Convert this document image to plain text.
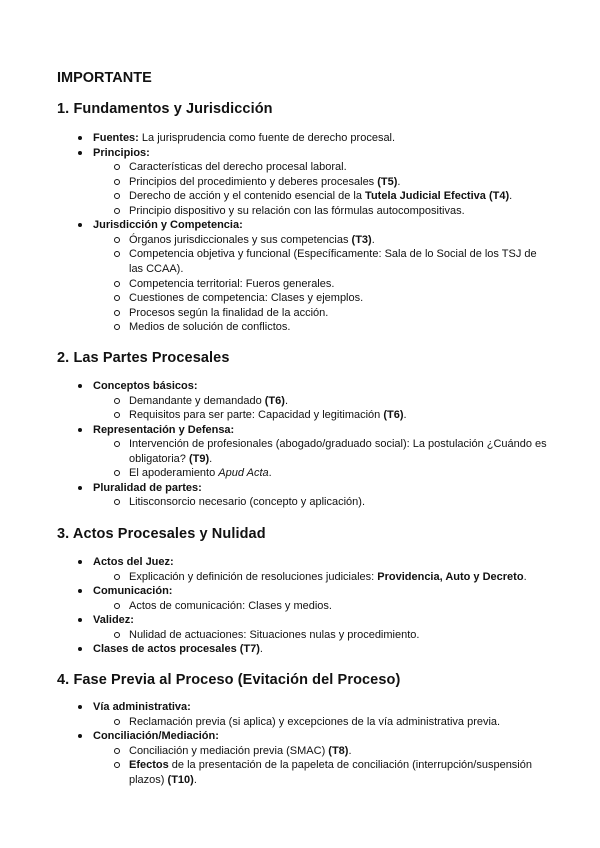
IMPORTANTE
1. Fundamentos y Jurisdicción
Fuentes: La jurisprudencia como fuente de derecho procesal.
Principios:
Características del derecho procesal laboral.
Principios del procedimiento y deberes procesales (T5).
Derecho de acción y el contenido esencial de la Tutela Judicial Efectiva (T4).
Principio dispositivo y su relación con las fórmulas autocompositivas.
Jurisdicción y Competencia:
Órganos jurisdiccionales y sus competencias (T3).
Competencia objetiva y funcional (Específicamente: Sala de lo Social de los TSJ de las CCAA).
Competencia territorial: Fueros generales.
Cuestiones de competencia: Clases y ejemplos.
Procesos según la finalidad de la acción.
Medios de solución de conflictos.
2. Las Partes Procesales
Conceptos básicos:
Demandante y demandado (T6).
Requisitos para ser parte: Capacidad y legitimación (T6).
Representación y Defensa:
Intervención de profesionales (abogado/graduado social): La postulación ¿Cuándo es obligatoria? (T9).
El apoderamiento Apud Acta.
Pluralidad de partes:
Litisconsorcio necesario (concepto y aplicación).
3. Actos Procesales y Nulidad
Actos del Juez:
Explicación y definición de resoluciones judiciales: Providencia, Auto y Decreto.
Comunicación:
Actos de comunicación: Clases y medios.
Validez:
Nulidad de actuaciones: Situaciones nulas y procedimiento.
Clases de actos procesales (T7).
4. Fase Previa al Proceso (Evitación del Proceso)
Vía administrativa:
Reclamación previa (si aplica) y excepciones de la vía administrativa previa.
Conciliación/Mediación:
Conciliación y mediación previa (SMAC) (T8).
Efectos de la presentación de la papeleta de conciliación (interrupción/suspensión plazos) (T10).
